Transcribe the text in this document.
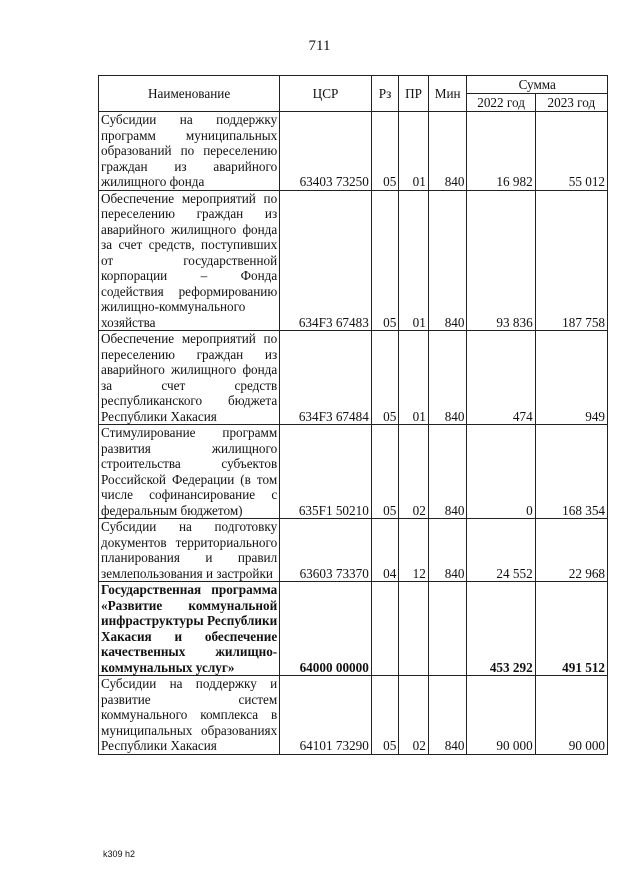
711
Наименование	ЦСР	Рз	ПР	Мин	Сумма	
					2022 год	2023 год
Субсидии на поддержку программ муниципальных образований по переселению граждан из аварийного жилищного фонда	63403 73250	05	01	840	16 982	55 012
Обеспечение мероприятий по переселению граждан из аварийного жилищного фонда за счет средств, поступивших от государственной корпорации – Фонда содействия реформированию жилищно-коммунального хозяйства	634F3 67483	05	01	840	93 836	187 758
Обеспечение мероприятий по переселению граждан из аварийного жилищного фонда за счет средств республиканского бюджета Республики Хакасия	634F3 67484	05	01	840	474	949
Стимулирование программ развития жилищного строительства субъектов Российской Федерации (в том числе софинансирование с федеральным бюджетом)	635F1 50210	05	02	840	0	168 354
Субсидии на подготовку документов территориального планирования и правил землепользования и застройки	63603 73370	04	12	840	24 552	22 968
Государственная программа «Развитие коммунальной инфраструктуры Республики Хакасия и обеспечение качественных жилищно-коммунальных услуг»	64000 00000				453 292	491 512
Субсидии на поддержку и развитие систем коммунального комплекса в муниципальных образованиях Республики Хакасия	64101 73290	05	02	840	90 000	90 000
k309 h2
